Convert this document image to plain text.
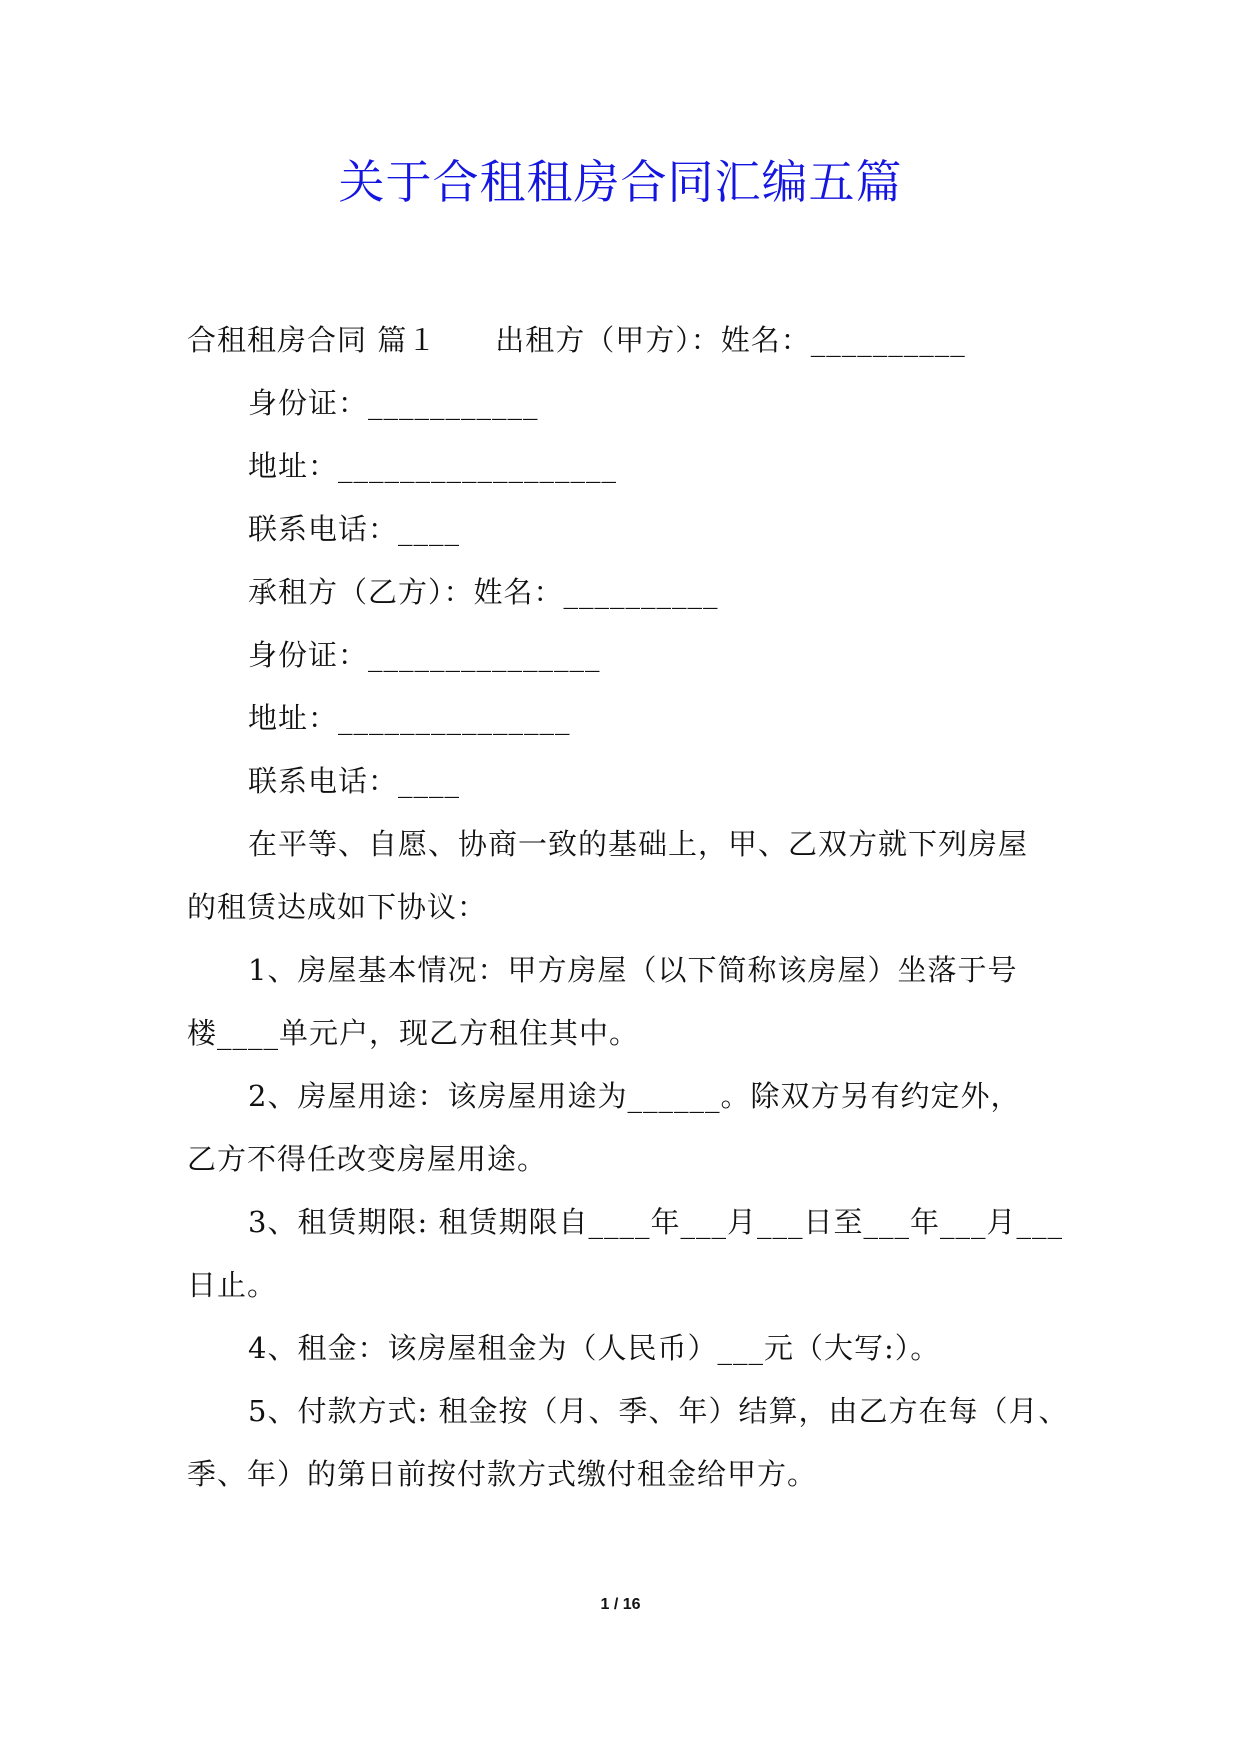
关于合租租房合同汇编五篇
合租租房合同 篇１ 出租方（甲方）：姓名：__________
身份证：___________
地址：__________________
联系电话：____
承租方（乙方）：姓名：__________
身份证：_______________
地址：_______________
联系电话：____
在平等、自愿、协商一致的基础上，甲、乙双方就下列房屋
的租赁达成如下协议：
1、房屋基本情况：甲方房屋（以下简称该房屋）坐落于号
楼____单元户，现乙方租住其中。
2、房屋用途：该房屋用途为______。除双方另有约定外，
乙方不得任改变房屋用途。
3、租赁期限: 租赁期限自____年___月___日至___年___月___
日止。
4、租金：该房屋租金为（人民币）___元（大写:）。
5、付款方式: 租金按（月、季、年）结算，由乙方在每（月、
季、年）的第日前按付款方式缴付租金给甲方。
1 / 16
